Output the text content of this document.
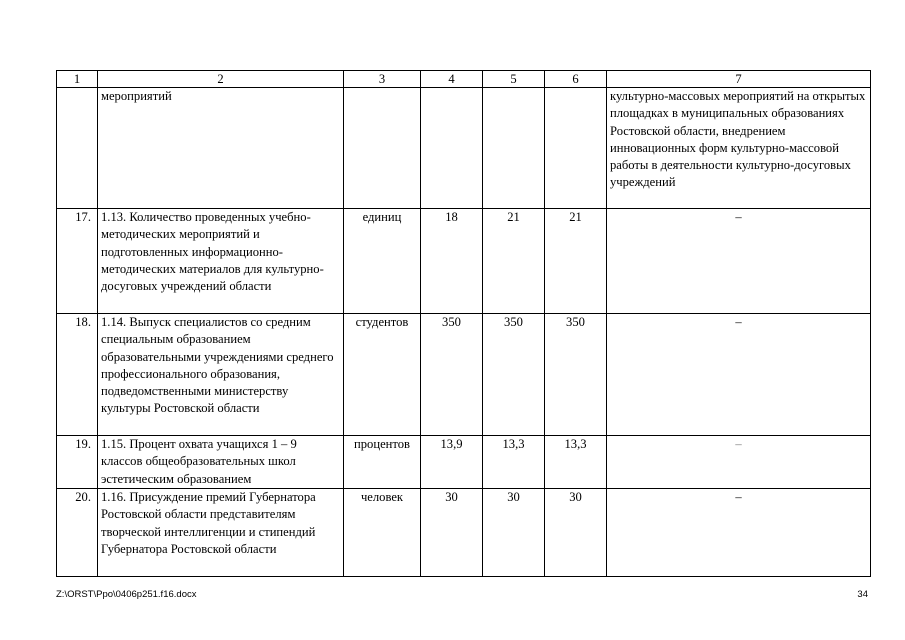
1	2	3	4	5	6	7
	мероприятий					культурно-массовых мероприятий на открытых площадках в муниципальных образованиях Ростовской области, внедрением инновационных форм культурно-массовой работы в деятельности культурно-досуговых учреждений
17.	1.13. Количество проведенных учебно-методических мероприятий и подготовленных информационно-методических материалов для культурно-досуговых учреждений области	единиц	18	21	21	–
18.	1.14. Выпуск специалистов со средним специальным образованием образовательными учреждениями среднего профессионального образования, подведомственными министерству культуры Ростовской области	студентов	350	350	350	–
19.	1.15. Процент охвата учащихся 1 – 9 классов общеобразовательных школ эстетическим образованием	процентов	13,9	13,3	13,3	–
20.	1.16. Присуждение премий Губернатора Ростовской области представителям творческой интеллигенции и стипендий Губернатора Ростовской области	человек	30	30	30	–
Z:\ORST\Ppo\0406p251.f16.docx	34
